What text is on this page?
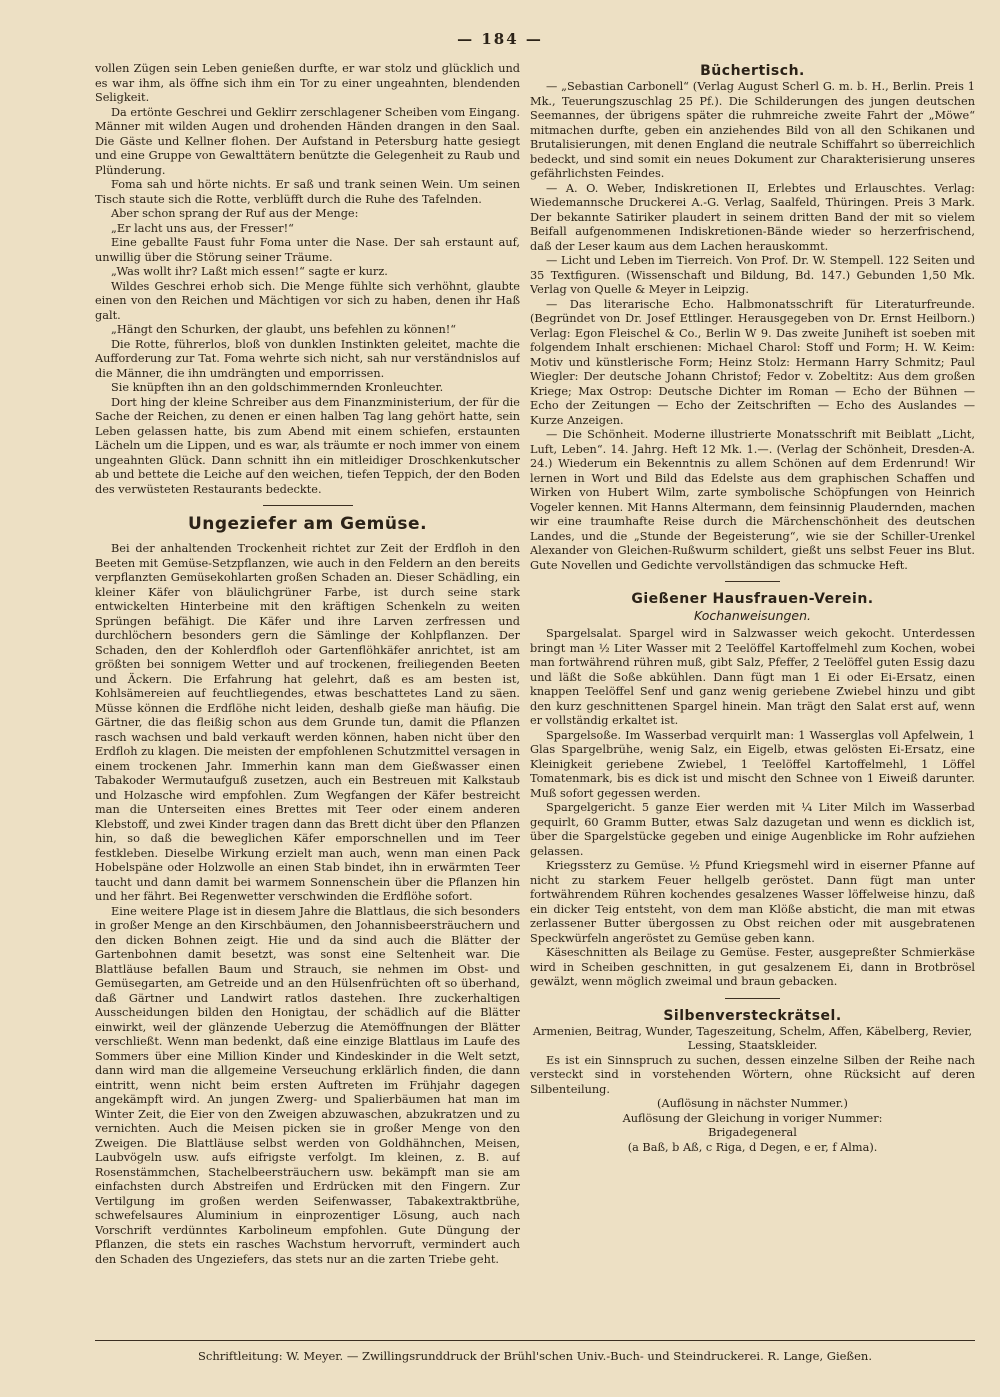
— 184 —

vollen Zügen sein Leben genießen durfte, er war stolz und glücklich und es war ihm, als öffne sich ihm ein Tor zu einer ungeahnten, blendenden Seligkeit.

Da ertönte Geschrei und Geklirr zerschlagener Scheiben vom Eingang. Männer mit wilden Augen und drohenden Händen drangen in den Saal. Die Gäste und Kellner flohen. Der Aufstand in Petersburg hatte gesiegt und eine Gruppe von Gewalttätern benützte die Gelegenheit zu Raub und Plünderung.

Foma sah und hörte nichts. Er saß und trank seinen Wein. Um seinen Tisch staute sich die Rotte, verblüfft durch die Ruhe des Tafelnden.

Aber schon sprang der Ruf aus der Menge:

„Er lacht uns aus, der Fresser!“

Eine geballte Faust fuhr Foma unter die Nase. Der sah erstaunt auf, unwillig über die Störung seiner Träume.

„Was wollt ihr? Laßt mich essen!“ sagte er kurz.

Wildes Geschrei erhob sich. Die Menge fühlte sich verhöhnt, glaubte einen von den Reichen und Mächtigen vor sich zu haben, denen ihr Haß galt.

„Hängt den Schurken, der glaubt, uns befehlen zu können!“

Die Rotte, führerlos, bloß von dunklen Instinkten geleitet, machte die Aufforderung zur Tat. Foma wehrte sich nicht, sah nur verständnislos auf die Männer, die ihn umdrängten und emporrissen.

Sie knüpften ihn an den goldschimmernden Kronleuchter.

Dort hing der kleine Schreiber aus dem Finanzministerium, der für die Sache der Reichen, zu denen er einen halben Tag lang gehört hatte, sein Leben gelassen hatte, bis zum Abend mit einem schiefen, erstaunten Lächeln um die Lippen, und es war, als träumte er noch immer von einem ungeahnten Glück. Dann schnitt ihn ein mitleidiger Droschkenkutscher ab und bettete die Leiche auf den weichen, tiefen Teppich, der den Boden des verwüsteten Restaurants bedeckte.

Ungeziefer am Gemüse.

Bei der anhaltenden Trockenheit richtet zur Zeit der Erdfloh in den Beeten mit Gemüse-Setzpflanzen, wie auch in den Feldern an den bereits verpflanzten Gemüsekohlarten großen Schaden an. Dieser Schädling, ein kleiner Käfer von bläulichgrüner Farbe, ist durch seine stark entwickelten Hinterbeine mit den kräftigen Schenkeln zu weiten Sprüngen befähigt. Die Käfer und ihre Larven zerfressen und durchlöchern besonders gern die Sämlinge der Kohlpflanzen. Der Schaden, den der Kohlerdfloh oder Gartenflöhkäfer anrichtet, ist am größten bei sonnigem Wetter und auf trockenen, freiliegenden Beeten und Äckern. Die Erfahrung hat gelehrt, daß es am besten ist, Kohlsämereien auf feuchtliegendes, etwas beschattetes Land zu säen. Müsse können die Erdflöhe nicht leiden, deshalb gieße man häufig. Die Gärtner, die das fleißig schon aus dem Grunde tun, damit die Pflanzen rasch wachsen und bald verkauft werden können, haben nicht über den Erdfloh zu klagen. Die meisten der empfohlenen Schutzmittel versagen in einem trockenen Jahr. Immerhin kann man dem Gießwasser einen Tabakoder Wermutaufguß zusetzen, auch ein Bestreuen mit Kalkstaub und Holzasche wird empfohlen. Zum Wegfangen der Käfer bestreicht man die Unterseiten eines Brettes mit Teer oder einem anderen Klebstoff, und zwei Kinder tragen dann das Brett dicht über den Pflanzen hin, so daß die beweglichen Käfer emporschnellen und im Teer festkleben. Dieselbe Wirkung erzielt man auch, wenn man einen Pack Hobelspäne oder Holzwolle an einen Stab bindet, ihn in erwärmten Teer taucht und dann damit bei warmem Sonnenschein über die Pflanzen hin und her fährt. Bei Regenwetter verschwinden die Erdflöhe sofort.

Eine weitere Plage ist in diesem Jahre die Blattlaus, die sich besonders in großer Menge an den Kirschbäumen, den Johannisbeersträuchern und den dicken Bohnen zeigt. Hie und da sind auch die Blätter der Gartenbohnen damit besetzt, was sonst eine Seltenheit war. Die Blattläuse befallen Baum und Strauch, sie nehmen im Obst- und Gemüsegarten, am Getreide und an den Hülsenfrüchten oft so überhand, daß Gärtner und Landwirt ratlos dastehen. Ihre zuckerhaltigen Ausscheidungen bilden den Honigtau, der schädlich auf die Blätter einwirkt, weil der glänzende Ueberzug die Atemöffnungen der Blätter verschließt. Wenn man bedenkt, daß eine einzige Blattlaus im Laufe des Sommers über eine Million Kinder und Kindeskinder in die Welt setzt, dann wird man die allgemeine Verseuchung erklärlich finden, die dann eintritt, wenn nicht beim ersten Auftreten im Frühjahr dagegen angekämpft wird. An jungen Zwerg- und Spalierbäumen hat man im Winter Zeit, die Eier von den Zweigen abzuwaschen, abzukratzen und zu vernichten. Auch die Meisen picken sie in großer Menge von den Zweigen. Die Blattläuse selbst werden von Goldhähnchen, Meisen, Laubvögeln usw. aufs eifrigste verfolgt. Im kleinen, z. B. auf Rosenstämmchen, Stachelbeersträuchern usw. bekämpft man sie am einfachsten durch Abstreifen und Erdrücken mit den Fingern. Zur Vertilgung im großen werden Seifenwasser, Tabakextraktbrühe, schwefelsaures Aluminium in einprozentiger Lösung, auch nach Vorschrift verdünntes Karbolineum empfohlen. Gute Düngung der Pflanzen, die stets ein rasches Wachstum hervorruft, vermindert auch den Schaden des Ungeziefers, das stets nur an die zarten Triebe geht.

Büchertisch.

— „Sebastian Carbonell“ (Verlag August Scherl G. m. b. H., Berlin. Preis 1 Mk., Teuerungszuschlag 25 Pf.). Die Schilderungen des jungen deutschen Seemannes, der übrigens später die ruhmreiche zweite Fahrt der „Möwe“ mitmachen durfte, geben ein anziehendes Bild von all den Schikanen und Brutalisierungen, mit denen England die neutrale Schiffahrt so überreichlich bedeckt, und sind somit ein neues Dokument zur Charakterisierung unseres gefährlichsten Feindes.

— A. O. Weber, Indiskretionen II, Erlebtes und Erlauschtes. Verlag: Wiedemannsche Druckerei A.-G. Verlag, Saalfeld, Thüringen. Preis 3 Mark. Der bekannte Satiriker plaudert in seinem dritten Band der mit so vielem Beifall aufgenommenen Indiskretionen-Bände wieder so herzerfrischend, daß der Leser kaum aus dem Lachen herauskommt.

— Licht und Leben im Tierreich. Von Prof. Dr. W. Stempell. 122 Seiten und 35 Textfiguren. (Wissenschaft und Bildung, Bd. 147.) Gebunden 1,50 Mk. Verlag von Quelle & Meyer in Leipzig.

— Das literarische Echo. Halbmonatsschrift für Literaturfreunde. (Begründet von Dr. Josef Ettlinger. Herausgegeben von Dr. Ernst Heilborn.) Verlag: Egon Fleischel & Co., Berlin W 9. Das zweite Juniheft ist soeben mit folgendem Inhalt erschienen: Michael Charol: Stoff und Form; H. W. Keim: Motiv und künstlerische Form; Heinz Stolz: Hermann Harry Schmitz; Paul Wiegler: Der deutsche Johann Christof; Fedor v. Zobeltitz: Aus dem großen Kriege; Max Ostrop: Deutsche Dichter im Roman — Echo der Bühnen — Echo der Zeitungen — Echo der Zeitschriften — Echo des Auslandes — Kurze Anzeigen.

— Die Schönheit. Moderne illustrierte Monatsschrift mit Beiblatt „Licht, Luft, Leben“. 14. Jahrg. Heft 12 Mk. 1.—. (Verlag der Schönheit, Dresden-A. 24.) Wiederum ein Bekenntnis zu allem Schönen auf dem Erdenrund! Wir lernen in Wort und Bild das Edelste aus dem graphischen Schaffen und Wirken von Hubert Wilm, zarte symbolische Schöpfungen von Heinrich Vogeler kennen. Mit Hanns Altermann, dem feinsinnig Plaudernden, machen wir eine traumhafte Reise durch die Märchenschönheit des deutschen Landes, und die „Stunde der Begeisterung“, wie sie der Schiller-Urenkel Alexander von Gleichen-Rußwurm schildert, gießt uns selbst Feuer ins Blut. Gute Novellen und Gedichte vervollständigen das schmucke Heft.

Gießener Hausfrauen-Verein.
Kochanweisungen.

Spargelsalat. Spargel wird in Salzwasser weich gekocht. Unterdessen bringt man ½ Liter Wasser mit 2 Teelöffel Kartoffelmehl zum Kochen, wobei man fortwährend rühren muß, gibt Salz, Pfeffer, 2 Teelöffel guten Essig dazu und läßt die Soße abkühlen. Dann fügt man 1 Ei oder Ei-Ersatz, einen knappen Teelöffel Senf und ganz wenig geriebene Zwiebel hinzu und gibt den kurz geschnittenen Spargel hinein. Man trägt den Salat erst auf, wenn er vollständig erkaltet ist.

Spargelsoße. Im Wasserbad verquirlt man: 1 Wasserglas voll Apfelwein, 1 Glas Spargelbrühe, wenig Salz, ein Eigelb, etwas gelösten Ei-Ersatz, eine Kleinigkeit geriebene Zwiebel, 1 Teelöffel Kartoffelmehl, 1 Löffel Tomatenmark, bis es dick ist und mischt den Schnee von 1 Eiweiß darunter. Muß sofort gegessen werden.

Spargelgericht. 5 ganze Eier werden mit ¼ Liter Milch im Wasserbad gequirlt, 60 Gramm Butter, etwas Salz dazugetan und wenn es dicklich ist, über die Spargelstücke gegeben und einige Augenblicke im Rohr aufziehen gelassen.

Kriegssterz zu Gemüse. ½ Pfund Kriegsmehl wird in eiserner Pfanne auf nicht zu starkem Feuer hellgelb geröstet. Dann fügt man unter fortwährendem Rühren kochendes gesalzenes Wasser löffelweise hinzu, daß ein dicker Teig entsteht, von dem man Klöße absticht, die man mit etwas zerlassener Butter übergossen zu Obst reichen oder mit ausgebratenen Speckwürfeln angeröstet zu Gemüse geben kann.

Käseschnitten als Beilage zu Gemüse. Fester, ausgepreßter Schmierkäse wird in Scheiben geschnitten, in gut gesalzenem Ei, dann in Brotbrösel gewälzt, wenn möglich zweimal und braun gebacken.

Silbenversteckrätsel.

Armenien, Beitrag, Wunder, Tageszeitung, Schelm, Affen, Käbelberg, Revier, Lessing, Staatskleider.

Es ist ein Sinnspruch zu suchen, dessen einzelne Silben der Reihe nach versteckt sind in vorstehenden Wörtern, ohne Rücksicht auf deren Silbenteilung.

(Auflösung in nächster Nummer.)

Auflösung der Gleichung in voriger Nummer:

Brigadegeneral

(a Baß, b Aß, c Riga, d Degen, e er, f Alma).

Schriftleitung: W. Meyer. — Zwillingsrunddruck der Brühl'schen Univ.-Buch- und Steindruckerei. R. Lange, Gießen.
